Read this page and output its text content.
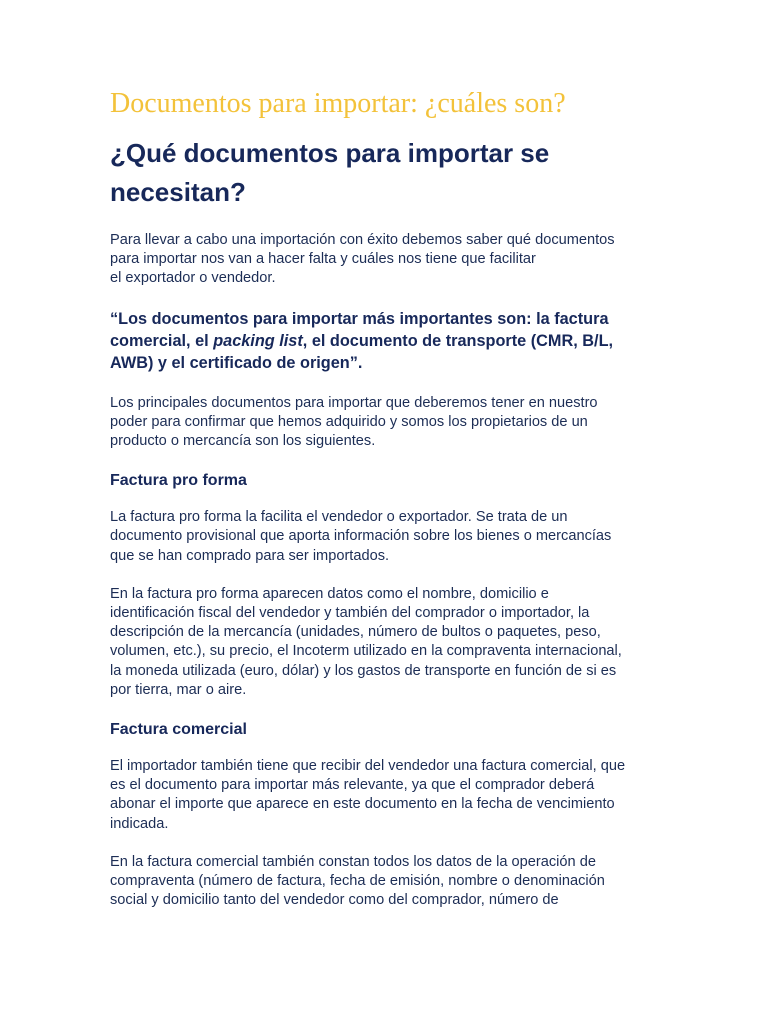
Documentos para importar: ¿cuáles son?
¿Qué documentos para importar se
necesitan?

Para llevar a cabo una importación con éxito debemos saber qué documentos
para importar nos van a hacer falta y cuáles nos tiene que facilitar
el exportador o vendedor.

“Los documentos para importar más importantes son: la factura
comercial, el packing list, el documento de transporte (CMR, B/L,
AWB) y el certificado de origen”.

Los principales documentos para importar que deberemos tener en nuestro
poder para confirmar que hemos adquirido y somos los propietarios de un
producto o mercancía son los siguientes.

Factura pro forma

La factura pro forma la facilita el vendedor o exportador. Se trata de un
documento provisional que aporta información sobre los bienes o mercancías
que se han comprado para ser importados.

En la factura pro forma aparecen datos como el nombre, domicilio e
identificación fiscal del vendedor y también del comprador o importador, la
descripción de la mercancía (unidades, número de bultos o paquetes, peso,
volumen, etc.), su precio, el Incoterm utilizado en la compraventa internacional,
la moneda utilizada (euro, dólar) y los gastos de transporte en función de si es
por tierra, mar o aire.

Factura comercial

El importador también tiene que recibir del vendedor una factura comercial, que
es el documento para importar más relevante, ya que el comprador deberá
abonar el importe que aparece en este documento en la fecha de vencimiento
indicada.

En la factura comercial también constan todos los datos de la operación de
compraventa (número de factura, fecha de emisión, nombre o denominación
social y domicilio tanto del vendedor como del comprador, número de
